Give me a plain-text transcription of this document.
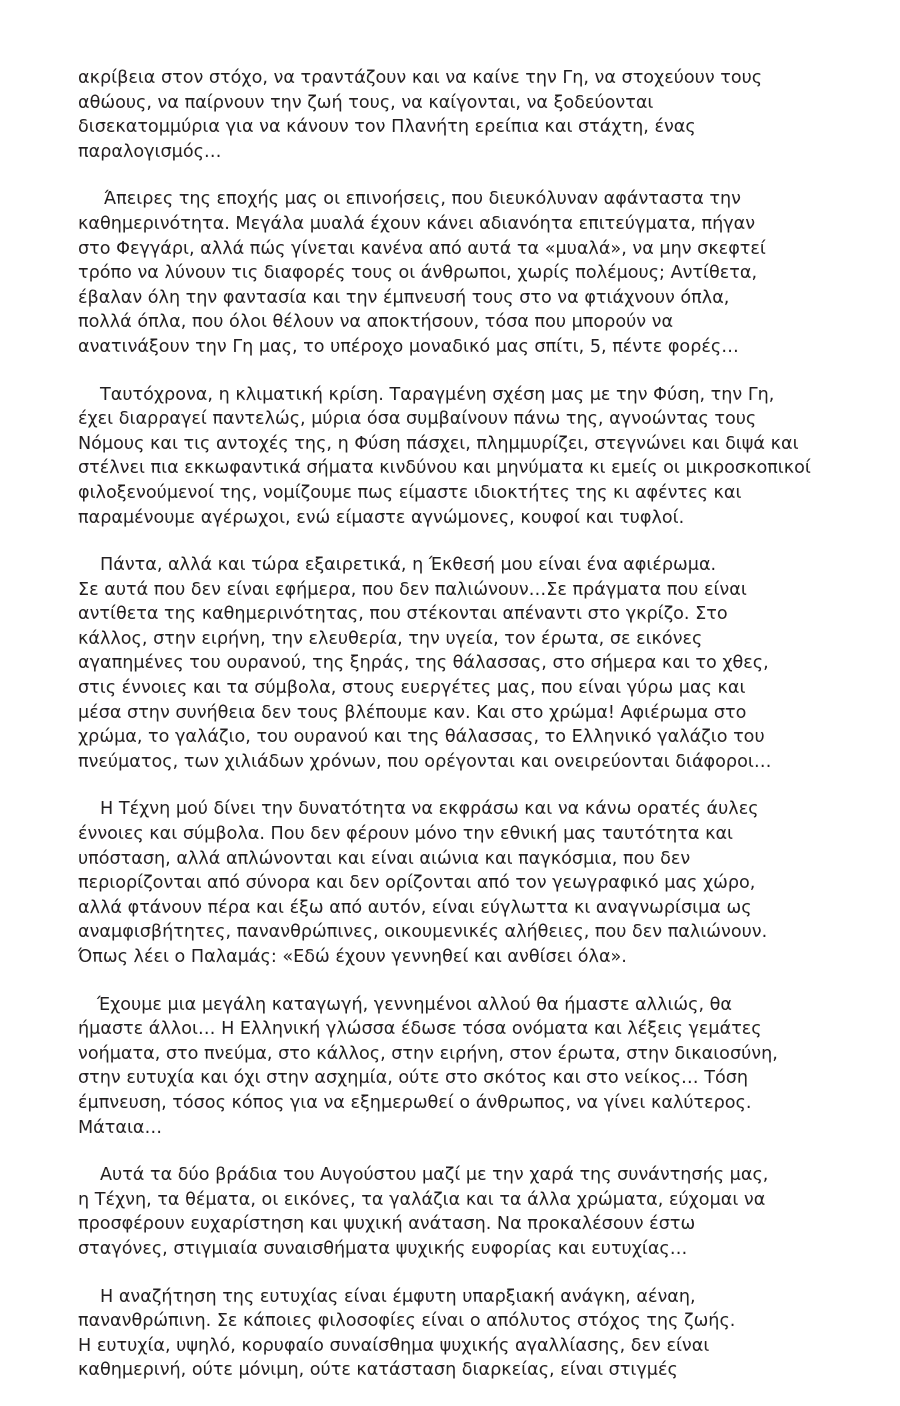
ακρίβεια στον στόχο, να τραντάζουν και να καίνε την Γη, να στοχεύουν τους
αθώους, να παίρνουν την ζωή τους, να καίγονται, να ξοδεύονται
δισεκατομμύρια για να κάνουν τον Πλανήτη ερείπια και στάχτη, ένας
παραλογισμός…

Άπειρες της εποχής μας οι επινοήσεις, που διευκόλυναν αφάνταστα την
καθημερινότητα. Μεγάλα μυαλά έχουν κάνει αδιανόητα επιτεύγματα, πήγαν
στο Φεγγάρι, αλλά πώς γίνεται κανένα από αυτά τα «μυαλά», να μην σκεφτεί
τρόπο να λύνουν τις διαφορές τους οι άνθρωποι, χωρίς πολέμους; Αντίθετα,
έβαλαν όλη την φαντασία και την έμπνευσή τους στο να φτιάχνουν όπλα,
πολλά όπλα, που όλοι θέλουν να αποκτήσουν, τόσα που μπορούν να
ανατινάξουν την Γη μας, το υπέροχο μοναδικό μας σπίτι, 5, πέντε φορές…

Ταυτόχρονα, η κλιματική κρίση. Ταραγμένη σχέση μας με την Φύση, την Γη,
έχει διαρραγεί παντελώς, μύρια όσα συμβαίνουν πάνω της, αγνοώντας τους
Νόμους και τις αντοχές της, η Φύση πάσχει, πλημμυρίζει, στεγνώνει και διψά και
στέλνει πια εκκωφαντικά σήματα κινδύνου και μηνύματα κι εμείς οι μικροσκοπικοί
φιλοξενούμενοί της, νομίζουμε πως είμαστε ιδιοκτήτες της κι αφέντες και
παραμένουμε αγέρωχοι, ενώ είμαστε αγνώμονες, κουφοί και τυφλοί.

Πάντα, αλλά και τώρα εξαιρετικά, η Έκθεσή μου είναι ένα αφιέρωμα.
Σε αυτά που δεν είναι εφήμερα, που δεν παλιώνουν…Σε πράγματα που είναι
αντίθετα της καθημερινότητας, που στέκονται απέναντι στο γκρίζο. Στο
κάλλος, στην ειρήνη, την ελευθερία, την υγεία, τον έρωτα, σε εικόνες
αγαπημένες του ουρανού, της ξηράς, της θάλασσας, στο σήμερα και το χθες,
στις έννοιες και τα σύμβολα, στους ευεργέτες μας, που είναι γύρω μας και
μέσα στην συνήθεια δεν τους βλέπουμε καν. Και στο χρώμα! Αφιέρωμα στο
χρώμα, το γαλάζιο, του ουρανού και της θάλασσας, το Ελληνικό γαλάζιο του
πνεύματος, των χιλιάδων χρόνων, που ορέγονται και ονειρεύονται διάφοροι…

Η Τέχνη μού δίνει την δυνατότητα να εκφράσω και να κάνω ορατές άυλες
έννοιες και σύμβολα. Που δεν φέρουν μόνο την εθνική μας ταυτότητα και
υπόσταση, αλλά απλώνονται και είναι αιώνια και παγκόσμια, που δεν
περιορίζονται από σύνορα και δεν ορίζονται από τον γεωγραφικό μας χώρο,
αλλά φτάνουν πέρα και έξω από αυτόν, είναι εύγλωττα κι αναγνωρίσιμα ως
αναμφισβήτητες, πανανθρώπινες, οικουμενικές αλήθειες, που δεν παλιώνουν.
Όπως λέει ο Παλαμάς: «Εδώ έχουν γεννηθεί και ανθίσει όλα».

Έχουμε μια μεγάλη καταγωγή, γεννημένοι αλλού θα ήμαστε αλλιώς, θα
ήμαστε άλλοι… Η Ελληνική γλώσσα έδωσε τόσα ονόματα και λέξεις γεμάτες
νοήματα, στο πνεύμα, στο κάλλος, στην ειρήνη, στον έρωτα, στην δικαιοσύνη,
στην ευτυχία και όχι στην ασχημία, ούτε στο σκότος και στο νείκος… Τόση
έμπνευση, τόσος κόπος για να εξημερωθεί ο άνθρωπος, να γίνει καλύτερος.
Μάταια…

Αυτά τα δύο βράδια του Αυγούστου μαζί με την χαρά της συνάντησής μας,
η Τέχνη, τα θέματα, οι εικόνες, τα γαλάζια και τα άλλα χρώματα, εύχομαι να
προσφέρουν ευχαρίστηση και ψυχική ανάταση. Να προκαλέσουν έστω
σταγόνες, στιγμιαία συναισθήματα ψυχικής ευφορίας και ευτυχίας…

Η αναζήτηση της ευτυχίας είναι έμφυτη υπαρξιακή ανάγκη, αέναη,
πανανθρώπινη. Σε κάποιες φιλοσοφίες είναι ο απόλυτος στόχος της ζωής.
Η ευτυχία, υψηλό, κορυφαίο συναίσθημα ψυχικής αγαλλίασης, δεν είναι
καθημερινή, ούτε μόνιμη, ούτε κατάσταση διαρκείας, είναι στιγμές
